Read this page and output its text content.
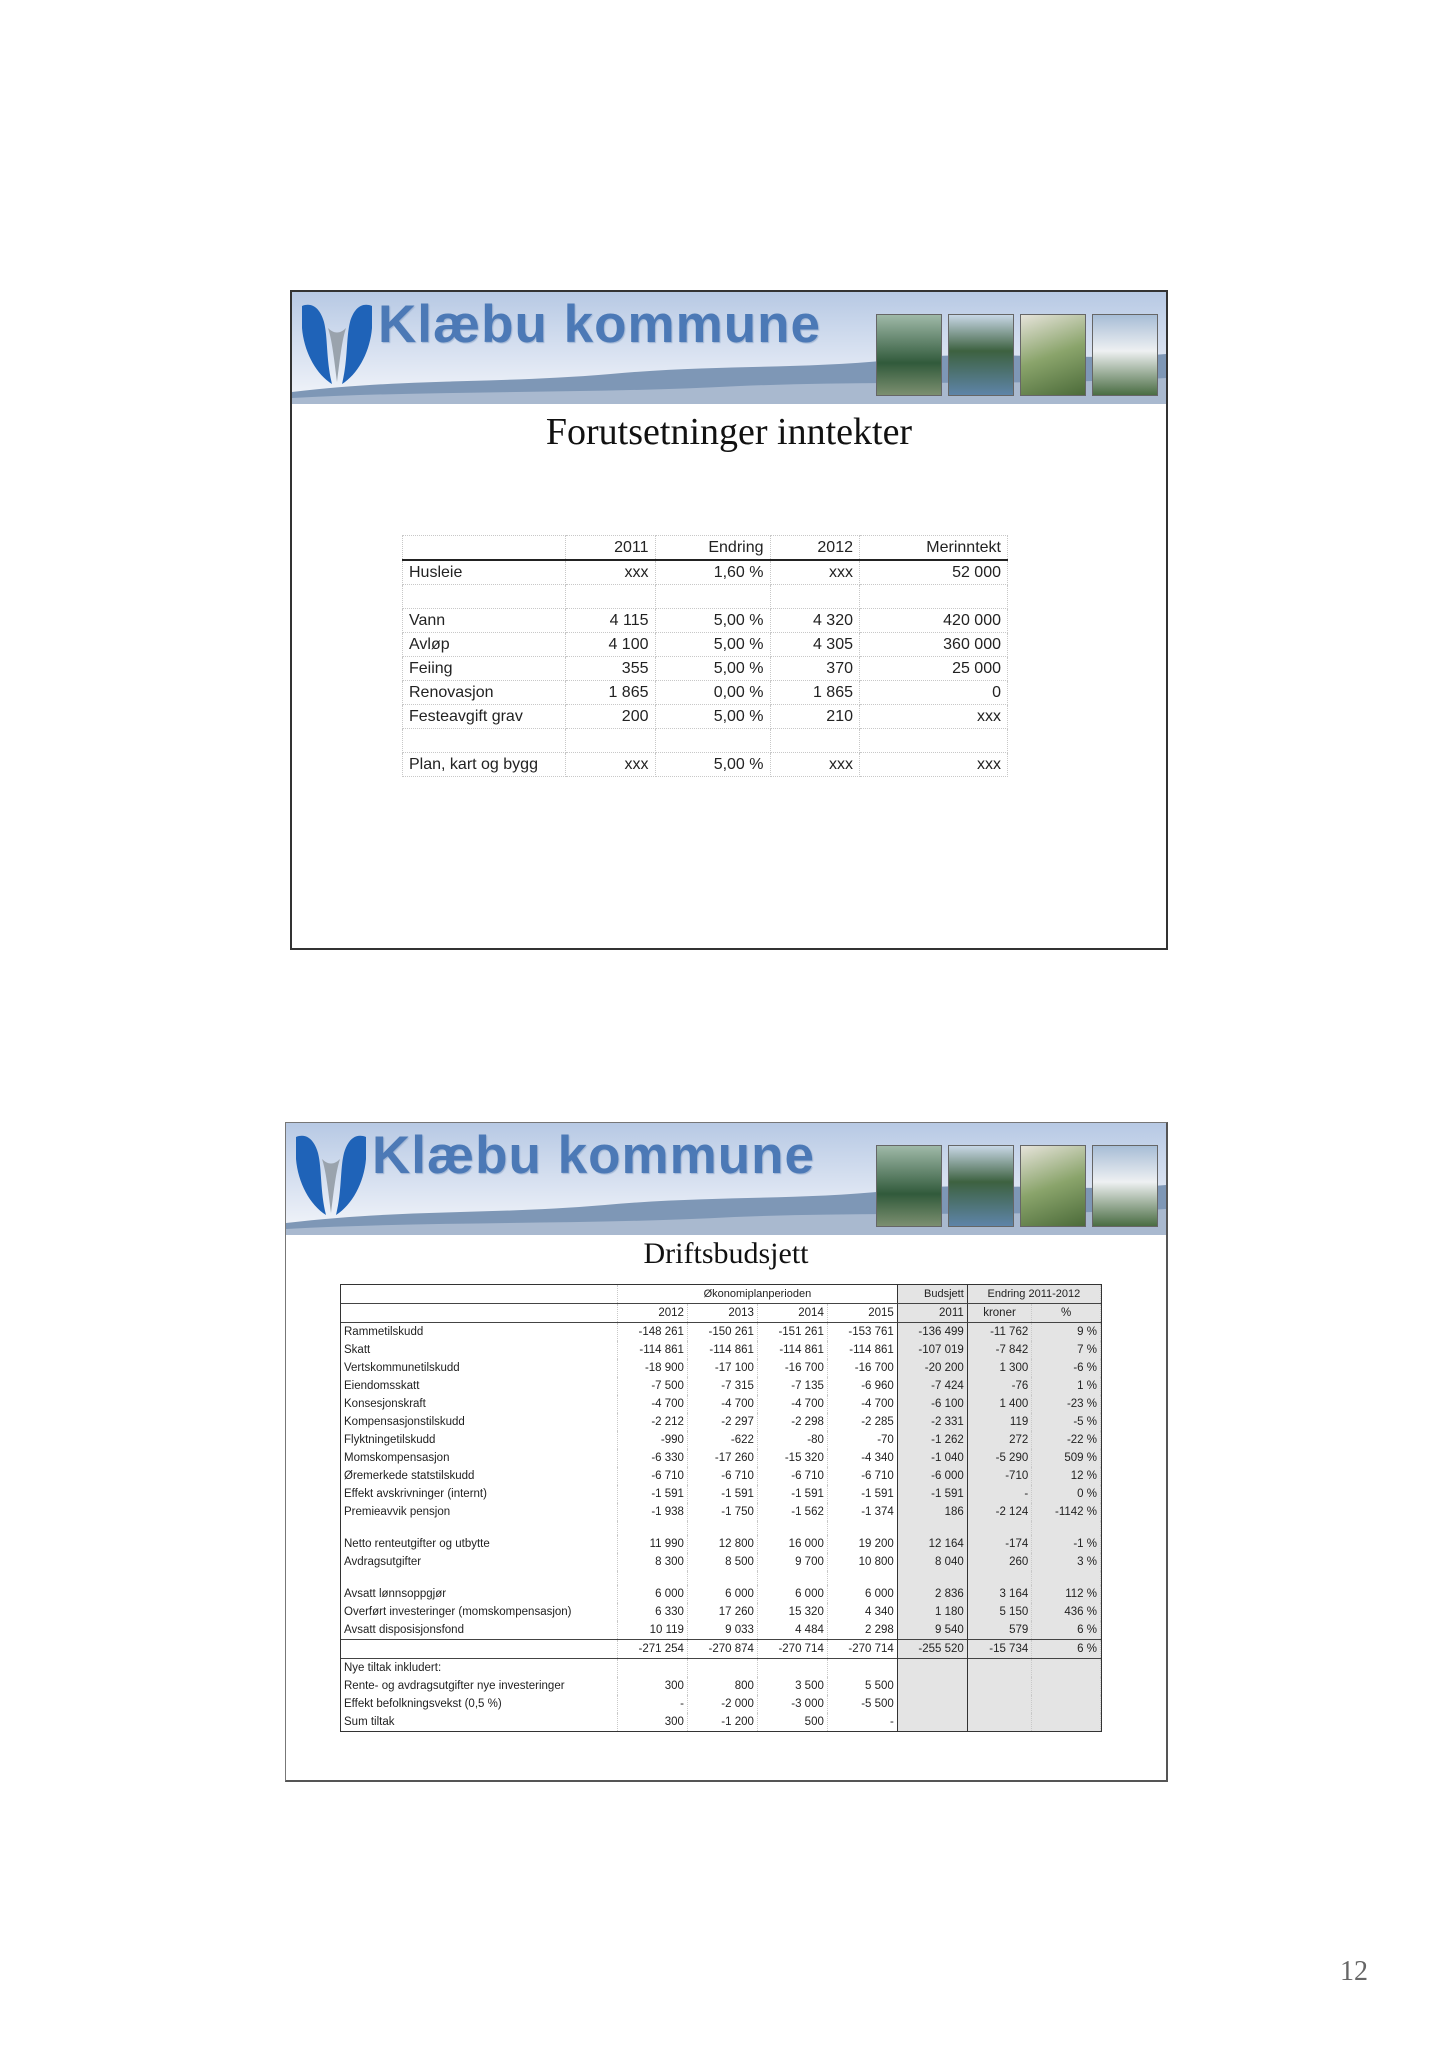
Klæbu kommune
Forutsetninger inntekter
	2011	Endring	2012	Merinntekt
Husleie	xxx	1,60 %	xxx	52 000

Vann	4 115	5,00 %	4 320	420 000
Avløp	4 100	5,00 %	4 305	360 000
Feiing	355	5,00 %	370	25 000
Renovasjon	1 865	0,00 %	1 865	0
Festeavgift grav	200	5,00 %	210	xxx

Plan, kart og bygg	xxx	5,00 %	xxx	xxx
Klæbu kommune
Driftsbudsjett
	Økonomiplanperioden				Budsjett	Endring 2011-2012	
	2012	2013	2014	2015	2011	kroner	%
Rammetilskudd	-148 261	-150 261	-151 261	-153 761	-136 499	-11 762	9 %
Skatt	-114 861	-114 861	-114 861	-114 861	-107 019	-7 842	7 %
Vertskommunetilskudd	-18 900	-17 100	-16 700	-16 700	-20 200	1 300	-6 %
Eiendomsskatt	-7 500	-7 315	-7 135	-6 960	-7 424	-76	1 %
Konsesjonskraft	-4 700	-4 700	-4 700	-4 700	-6 100	1 400	-23 %
Kompensasjonstilskudd	-2 212	-2 297	-2 298	-2 285	-2 331	119	-5 %
Flyktningetilskudd	-990	-622	-80	-70	-1 262	272	-22 %
Momskompensasjon	-6 330	-17 260	-15 320	-4 340	-1 040	-5 290	509 %
Øremerkede statstilskudd	-6 710	-6 710	-6 710	-6 710	-6 000	-710	12 %
Effekt avskrivninger (internt)	-1 591	-1 591	-1 591	-1 591	-1 591	-	0 %
Premieavvik pensjon	-1 938	-1 750	-1 562	-1 374	186	-2 124	-1142 %

Netto renteutgifter og utbytte	11 990	12 800	16 000	19 200	12 164	-174	-1 %
Avdragsutgifter	8 300	8 500	9 700	10 800	8 040	260	3 %

Avsatt lønnsoppgjør	6 000	6 000	6 000	6 000	2 836	3 164	112 %
Overført investeringer (momskompensasjon)	6 330	17 260	15 320	4 340	1 180	5 150	436 %
Avsatt disposisjonsfond	10 119	9 033	4 484	2 298	9 540	579	6 %
	-271 254	-270 874	-270 714	-270 714	-255 520	-15 734	6 %
Nye tiltak inkludert:							
Rente- og avdragsutgifter nye investeringer	300	800	3 500	5 500			
Effekt befolkningsvekst (0,5 %)	-	-2 000	-3 000	-5 500			
Sum tiltak	300	-1 200	500	-			
12
